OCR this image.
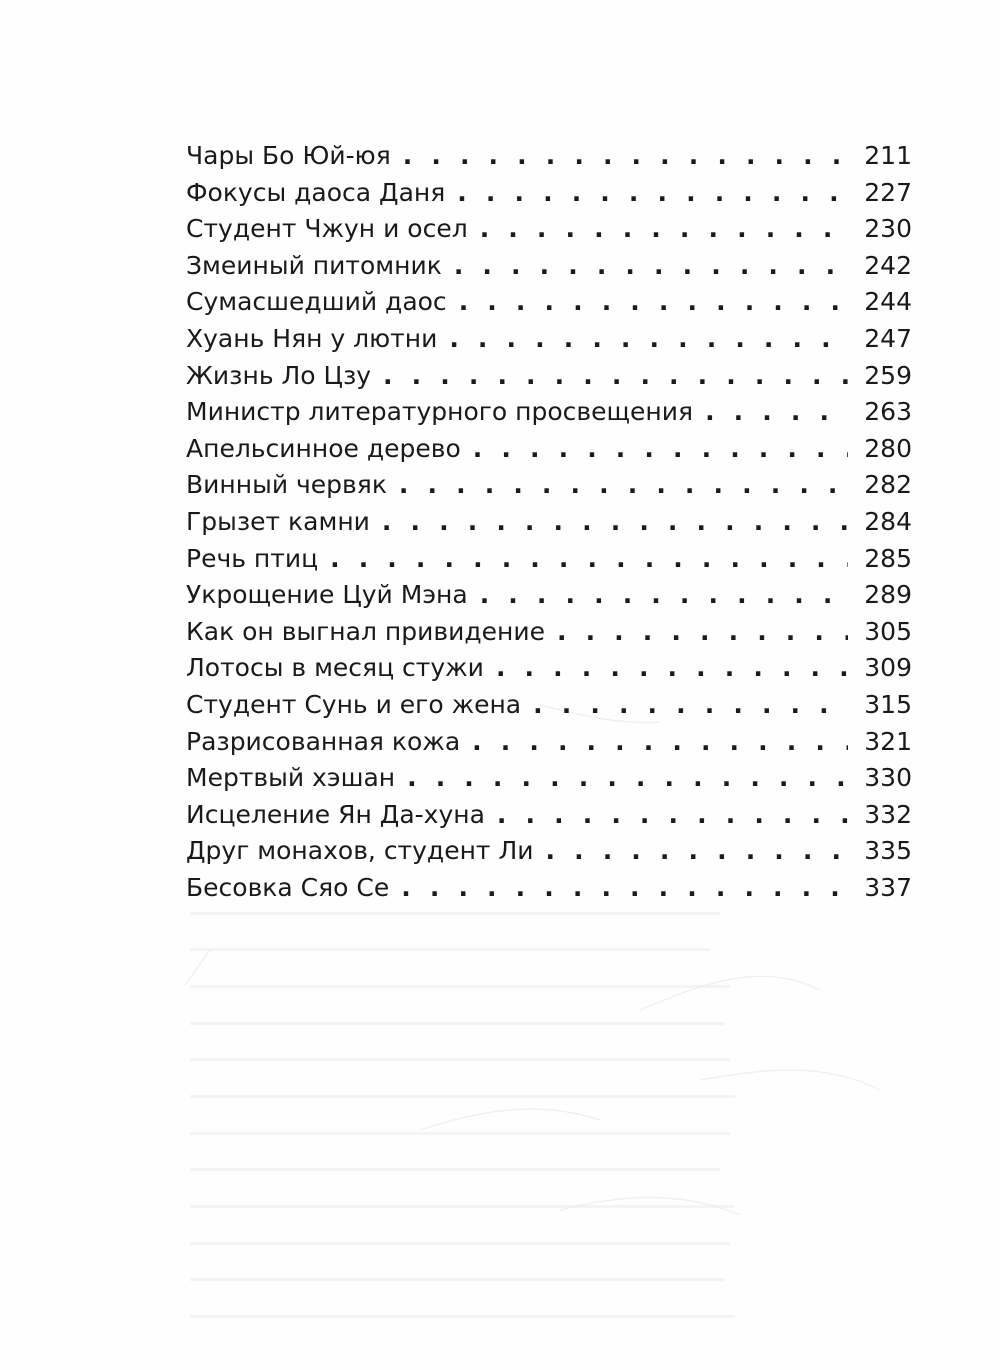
Чары Бо Юй-юя . . .	211
Фокусы даоса Даня . . .	227
Студент Чжун и осел . . .	230
Змеиный питомник . . .	242
Сумасшедший даос . . .	244
Хуань Нян у лютни . . .	247
Жизнь Ло Цзу . . .	259
Министр литературного просвещения . . .	263
Апельсинное дерево . . .	280
Винный червяк . . .	282
Грызет камни . . .	284
Речь птиц . . .	285
Укрощение Цуй Мэна . . .	289
Как он выгнал привидение . . .	305
Лотосы в месяц стужи . . .	309
Студент Сунь и его жена . . .	315
Разрисованная кожа . . .	321
Мертвый хэшан . . .	330
Исцеление Ян Да-хуна . . .	332
Друг монахов, студент Ли . . .	335
Бесовка Сяо Се . . .	337
